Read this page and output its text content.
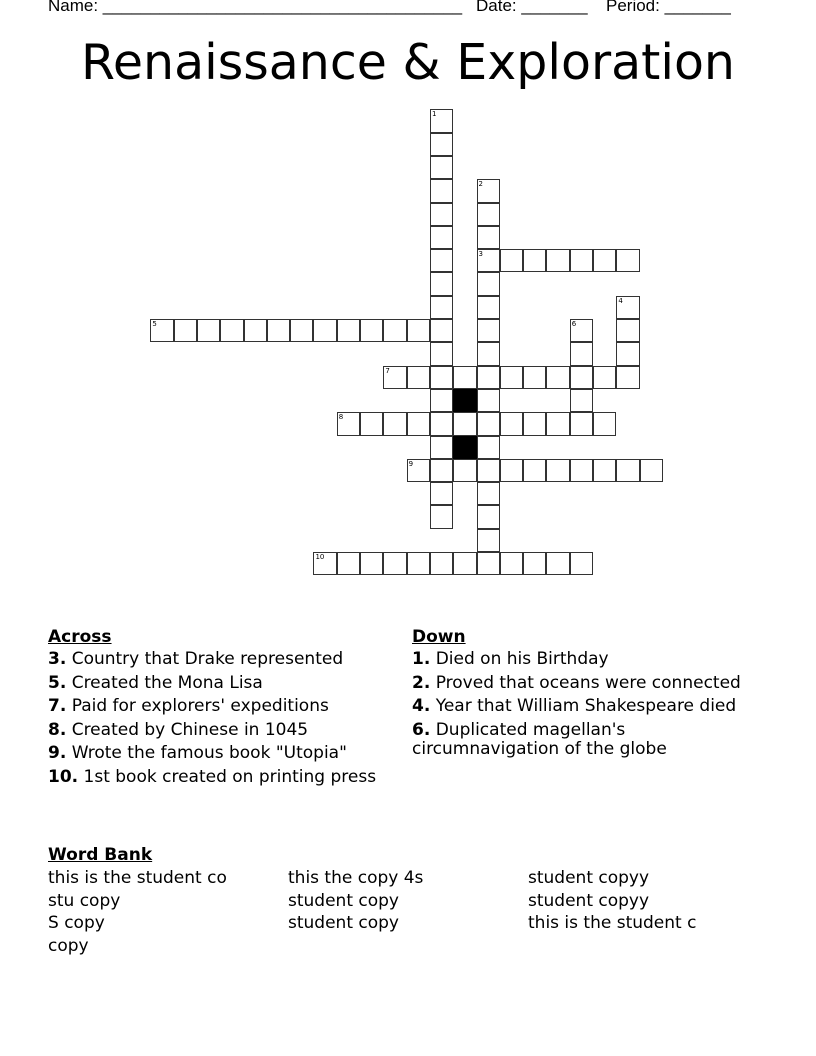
Name: ______________________________________ Date: _______ Period: _______
Renaissance & Exploration
1
2
3
4
5	6
7
8
9
10
Across
3. Country that Drake represented
5. Created the Mona Lisa
7. Paid for explorers' expeditions
8. Created by Chinese in 1045
9. Wrote the famous book "Utopia"
10. 1st book created on printing press
Down
1. Died on his Birthday
2. Proved that oceans were connected
4. Year that William Shakespeare died
6. Duplicated magellan's circumnavigation of the globe
Word Bank
this is the student co
stu copy
S copy
copy
this the copy 4s
student copy
student copy
student copyy
student copyy
this is the student c
